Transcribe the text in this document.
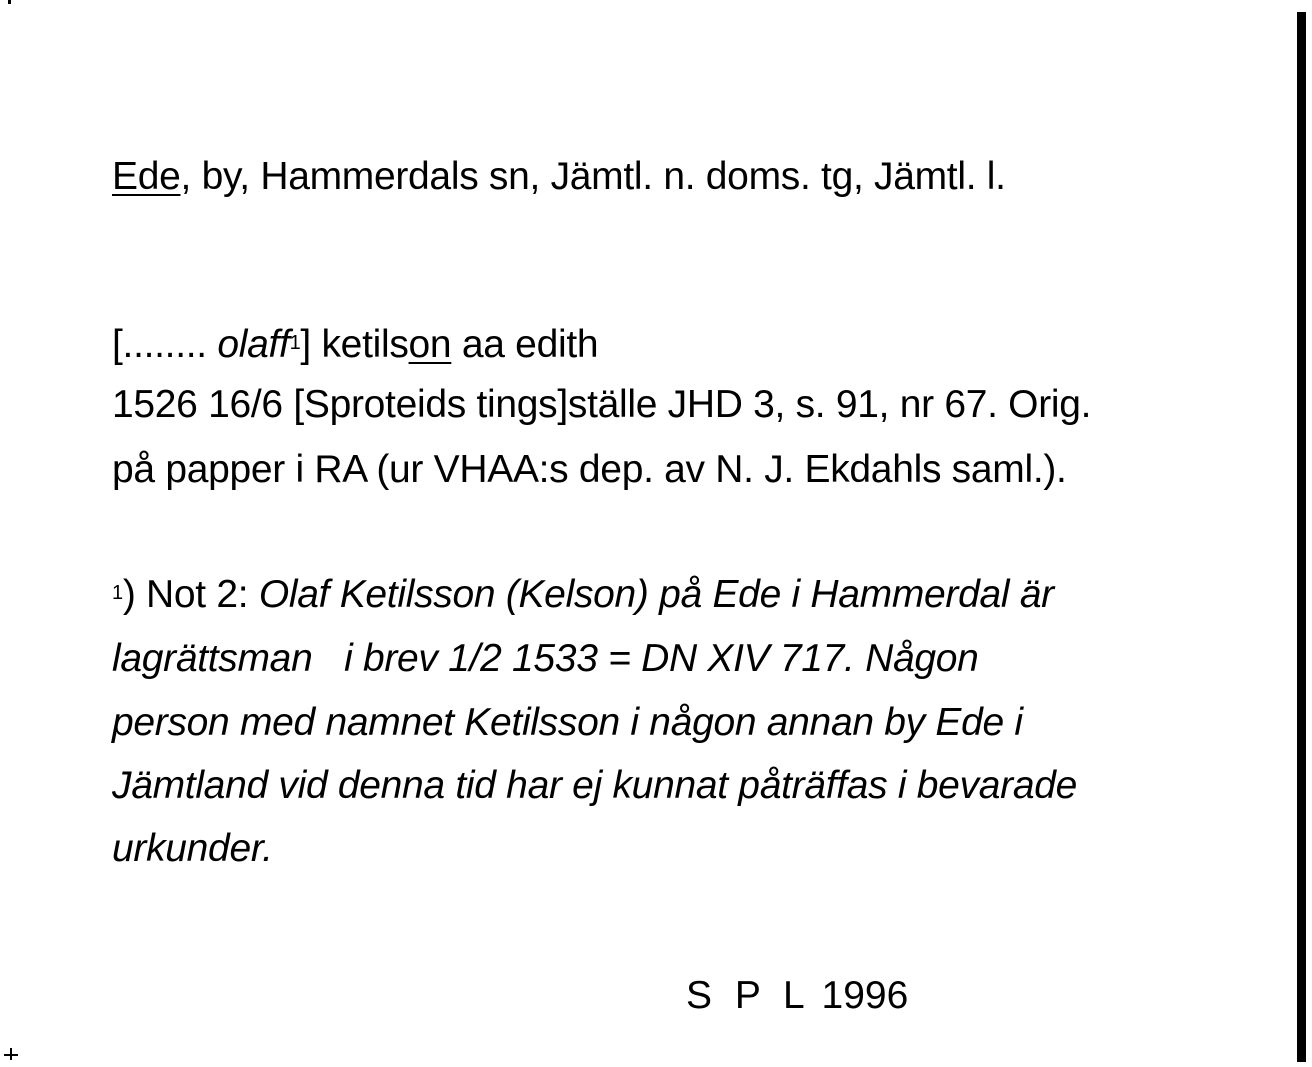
Ede, by, Hammerdals sn, Jämtl. n. doms. tg, Jämtl. l.
[........ olaff$^1$] ketilson aa edith
1526 16/6 [Sproteids tings]ställe JHD 3, s. 91, nr 67. Orig.
på papper i RA (ur VHAA:s dep. av N. J. Ekdahls saml.).
$^1$) Not 2: Olaf Ketilsson (Kelson) på Ede i Hammerdal är
lagrättsman   i brev 1/2 1533 = DN XIV 717. Någon
person med namnet Ketilsson i någon annan by Ede i
Jämtland vid denna tid har ej kunnat påträffas i bevarade
urkunder.
S P L 1996
